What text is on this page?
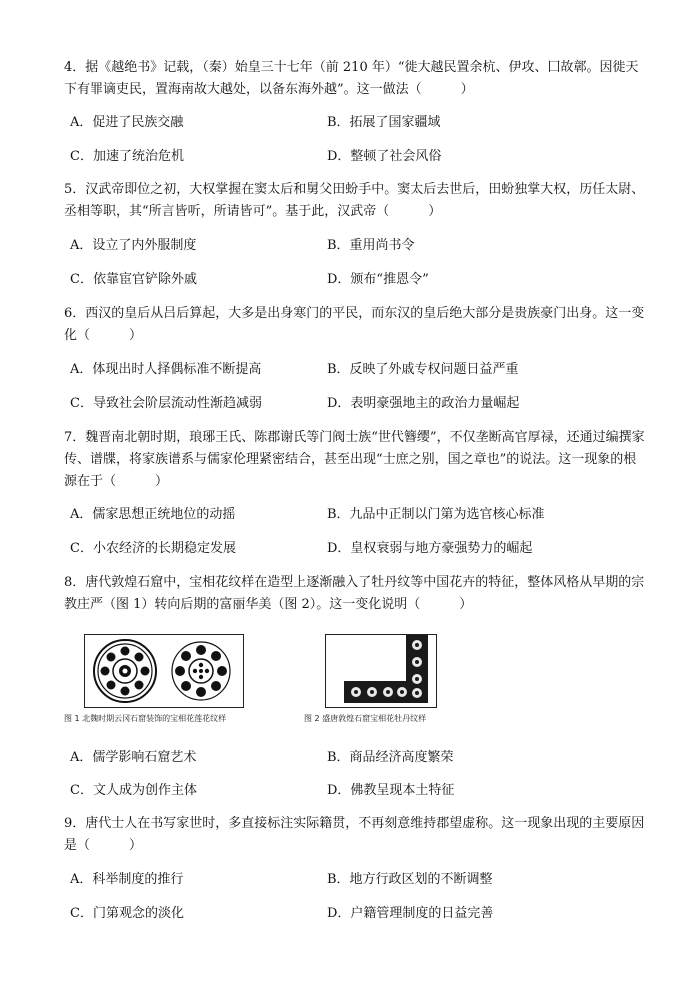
4．据《越绝书》记载，（秦）始皇三十七年（前 210 年）“徙大越民置余杭、伊攻、囗故鄣。因徙天下有罪谪吏民，置海南故大越处，以备东海外越”。这一做法（　　　）
A．促进了民族交融	B．拓展了国家疆域
C．加速了统治危机	D．整顿了社会风俗
5．汉武帝即位之初，大权掌握在窦太后和舅父田蚡手中。窦太后去世后，田蚡独掌大权，历任太尉、丞相等职，其“所言皆听，所请皆可”。基于此，汉武帝（　　　）
A．设立了内外服制度	B．重用尚书令
C．依靠宦官铲除外戚	D．颁布“推恩令”
6．西汉的皇后从吕后算起，大多是出身寒门的平民，而东汉的皇后绝大部分是贵族豪门出身。这一变化（　　　）
A．体现出时人择偶标准不断提高	B．反映了外戚专权问题日益严重
C．导致社会阶层流动性渐趋减弱	D．表明豪强地主的政治力量崛起
7．魏晋南北朝时期，琅琊王氏、陈郡谢氏等门阀士族“世代簪缨”，不仅垄断高官厚禄，还通过编撰家传、谱牒，将家族谱系与儒家伦理紧密结合，甚至出现“士庶之别，国之章也”的说法。这一现象的根源在于（　　　）
A．儒家思想正统地位的动摇	B．九品中正制以门第为选官核心标准
C．小农经济的长期稳定发展	D．皇权衰弱与地方豪强势力的崛起
8．唐代敦煌石窟中，宝相花纹样在造型上逐渐融入了牡丹纹等中国花卉的特征，整体风格从早期的宗教庄严（图 1）转向后期的富丽华美（图 2）。这一变化说明（　　　）
图 1 北魏时期云冈石窟装饰的宝相花莲花纹样	图 2 盛唐敦煌石窟宝相花牡丹纹样
A．儒学影响石窟艺术	B．商品经济高度繁荣
C．文人成为创作主体	D．佛教呈现本土特征
9．唐代士人在书写家世时，多直接标注实际籍贯，不再刻意维持郡望虚称。这一现象出现的主要原因是（　　　）
A．科举制度的推行	B．地方行政区划的不断调整
C．门第观念的淡化	D．户籍管理制度的日益完善
